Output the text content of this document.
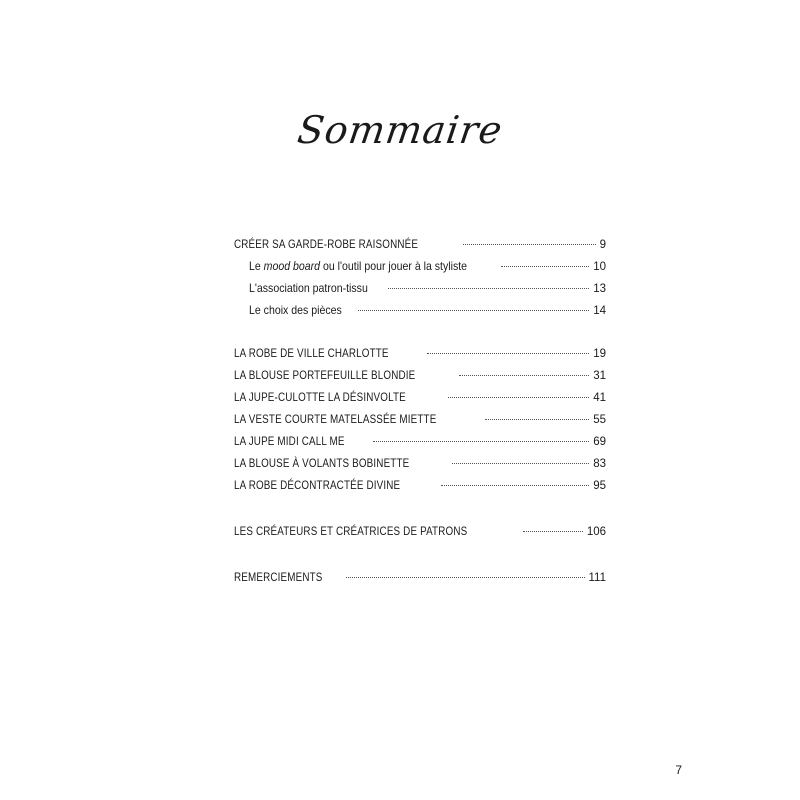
Sommaire
CRÉER SA GARDE-ROBE RAISONNÉE	9
Le mood board ou l'outil pour jouer à la styliste	10
L'association patron-tissu	13
Le choix des pièces	14
LA ROBE DE VILLE CHARLOTTE	19
LA BLOUSE PORTEFEUILLE BLONDIE	31
LA JUPE-CULOTTE LA DÉSINVOLTE	41
LA VESTE COURTE MATELASSÉE MIETTE	55
LA JUPE MIDI CALL ME	69
LA BLOUSE À VOLANTS BOBINETTE	83
LA ROBE DÉCONTRACTÉE DIVINE	95
LES CRÉATEURS ET CRÉATRICES DE PATRONS	106
REMERCIEMENTS	111
7
